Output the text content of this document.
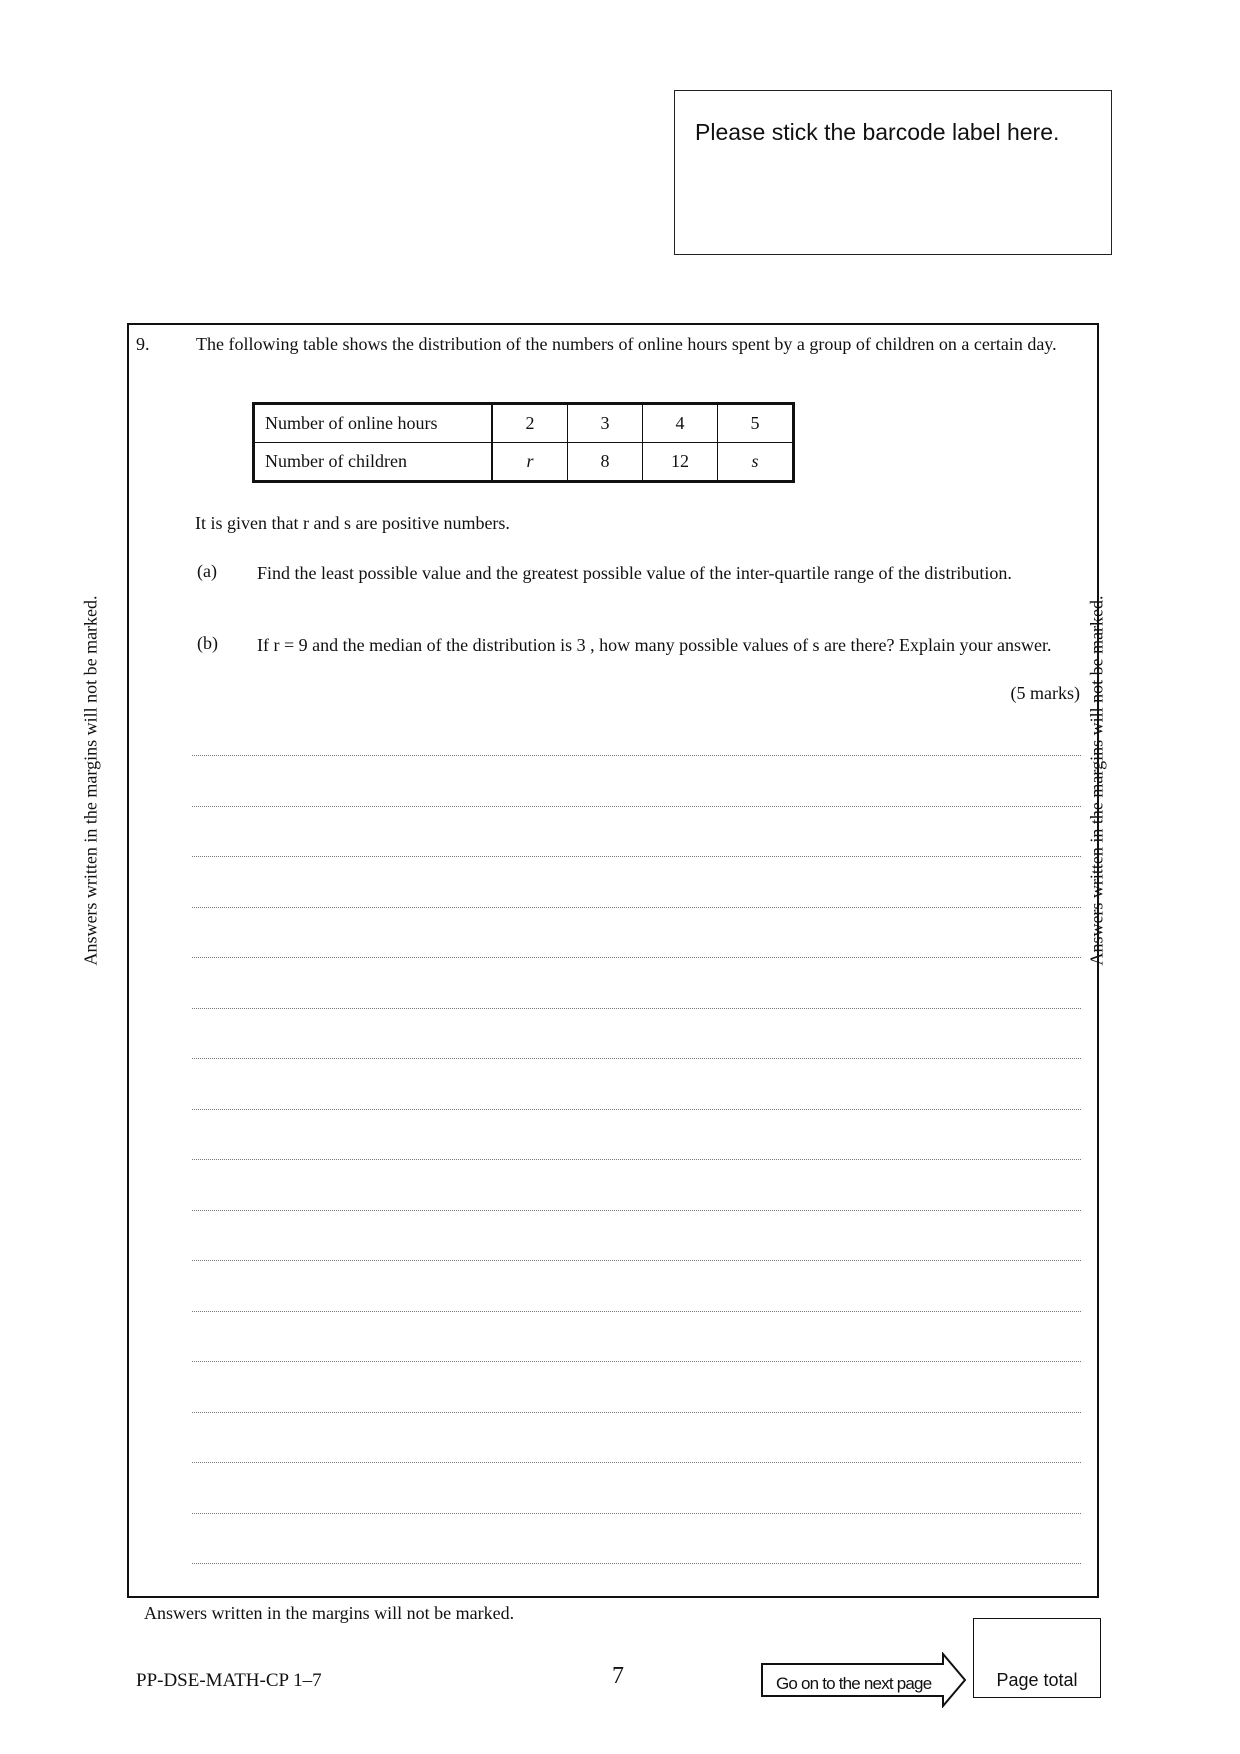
Please stick the barcode label here.
9.	The following table shows the distribution of the numbers of online hours spent by a group of children on a certain day.
Number of online hours	2	3	4	5
Number of children	r	8	12	s
It is given that r and s are positive numbers.
(a) Find the least possible value and the greatest possible value of the inter-quartile range of the distribution.
(b) If r = 9 and the median of the distribution is 3 , how many possible values of s are there? Explain your answer.
(5 marks)
Answers written in the margins will not be marked.	Answers written in the margins will not be marked.
Answers written in the margins will not be marked.
PP-DSE-MATH-CP 1–7	7	Go on to the next page	Page total
